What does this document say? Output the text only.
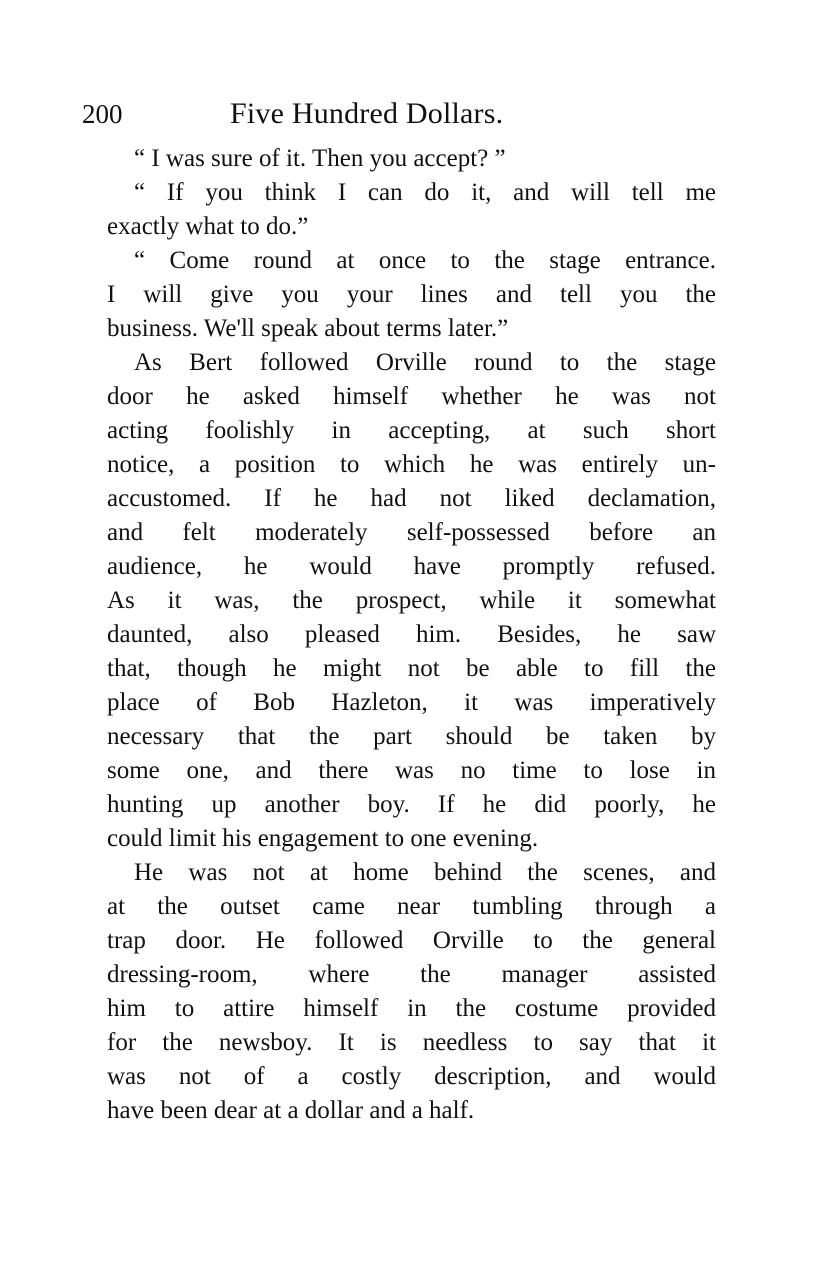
200	Five Hundred Dollars.

“ I was sure of it. Then you accept? ”

“ If you think I can do it, and will tell me
exactly what to do.”

“ Come round at once to the stage entrance.
I will give you your lines and tell you the
business. We'll speak about terms later.”

As Bert followed Orville round to the stage
door he asked himself whether he was not
acting foolishly in accepting, at such short
notice, a position to which he was entirely un-
accustomed. If he had not liked declamation,
and felt moderately self-possessed before an
audience, he would have promptly refused.
As it was, the prospect, while it somewhat
daunted, also pleased him. Besides, he saw
that, though he might not be able to fill the
place of Bob Hazleton, it was imperatively
necessary that the part should be taken by
some one, and there was no time to lose in
hunting up another boy. If he did poorly, he
could limit his engagement to one evening.

He was not at home behind the scenes, and
at the outset came near tumbling through a
trap door. He followed Orville to the general
dressing-room, where the manager assisted
him to attire himself in the costume provided
for the newsboy. It is needless to say that it
was not of a costly description, and would
have been dear at a dollar and a half.
